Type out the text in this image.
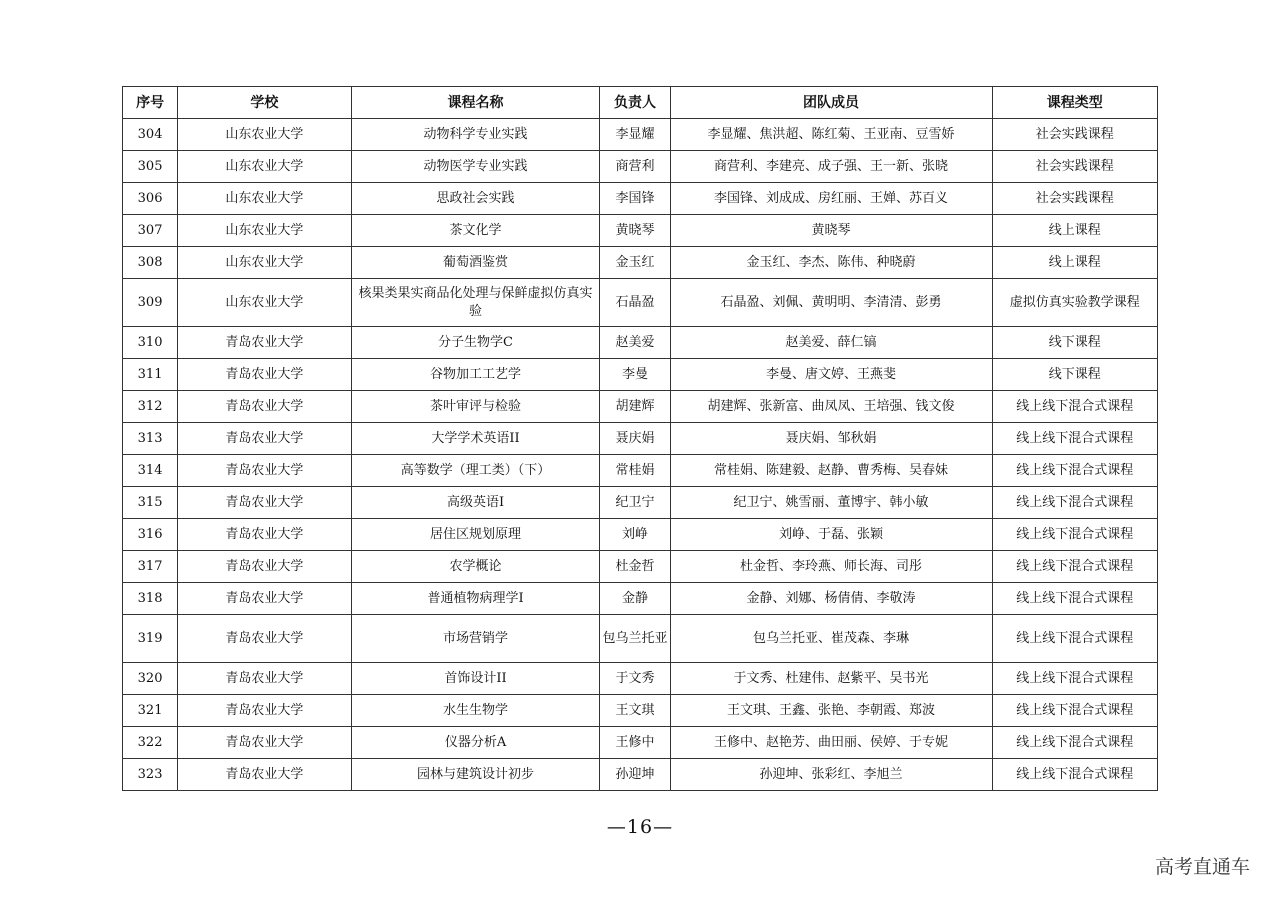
序号	学校	课程名称	负责人	团队成员	课程类型
304	山东农业大学	动物科学专业实践	李显耀	李显耀、焦洪超、陈红菊、王亚南、豆雪娇	社会实践课程
305	山东农业大学	动物医学专业实践	商营利	商营利、李建亮、成子强、王一新、张晓	社会实践课程
306	山东农业大学	思政社会实践	李国锋	李国锋、刘成成、房红丽、王婵、苏百义	社会实践课程
307	山东农业大学	茶文化学	黄晓琴	黄晓琴	线上课程
308	山东农业大学	葡萄酒鉴赏	金玉红	金玉红、李杰、陈伟、种晓蔚	线上课程
309	山东农业大学	核果类果实商品化处理与保鲜虚拟仿真实验	石晶盈	石晶盈、刘佩、黄明明、李清清、彭勇	虚拟仿真实验教学课程
310	青岛农业大学	分子生物学C	赵美爱	赵美爱、薛仁镐	线下课程
311	青岛农业大学	谷物加工工艺学	李曼	李曼、唐文婷、王燕斐	线下课程
312	青岛农业大学	茶叶审评与检验	胡建辉	胡建辉、张新富、曲凤凤、王培强、钱文俊	线上线下混合式课程
313	青岛农业大学	大学学术英语II	聂庆娟	聂庆娟、邹秋娟	线上线下混合式课程
314	青岛农业大学	高等数学（理工类）（下）	常桂娟	常桂娟、陈建毅、赵静、曹秀梅、吴春妹	线上线下混合式课程
315	青岛农业大学	高级英语I	纪卫宁	纪卫宁、姚雪丽、董博宇、韩小敏	线上线下混合式课程
316	青岛农业大学	居住区规划原理	刘峥	刘峥、于磊、张颖	线上线下混合式课程
317	青岛农业大学	农学概论	杜金哲	杜金哲、李玲燕、师长海、司彤	线上线下混合式课程
318	青岛农业大学	普通植物病理学I	金静	金静、刘娜、杨倩倩、李敬涛	线上线下混合式课程
319	青岛农业大学	市场营销学	包乌兰托亚	包乌兰托亚、崔茂森、李琳	线上线下混合式课程
320	青岛农业大学	首饰设计II	于文秀	于文秀、杜建伟、赵紫平、吴书光	线上线下混合式课程
321	青岛农业大学	水生生物学	王文琪	王文琪、王鑫、张艳、李朝霞、郑波	线上线下混合式课程
322	青岛农业大学	仪器分析A	王修中	王修中、赵艳芳、曲田丽、侯婷、于专妮	线上线下混合式课程
323	青岛农业大学	园林与建筑设计初步	孙迎坤	孙迎坤、张彩红、李旭兰	线上线下混合式课程
—16—
高考直通车
